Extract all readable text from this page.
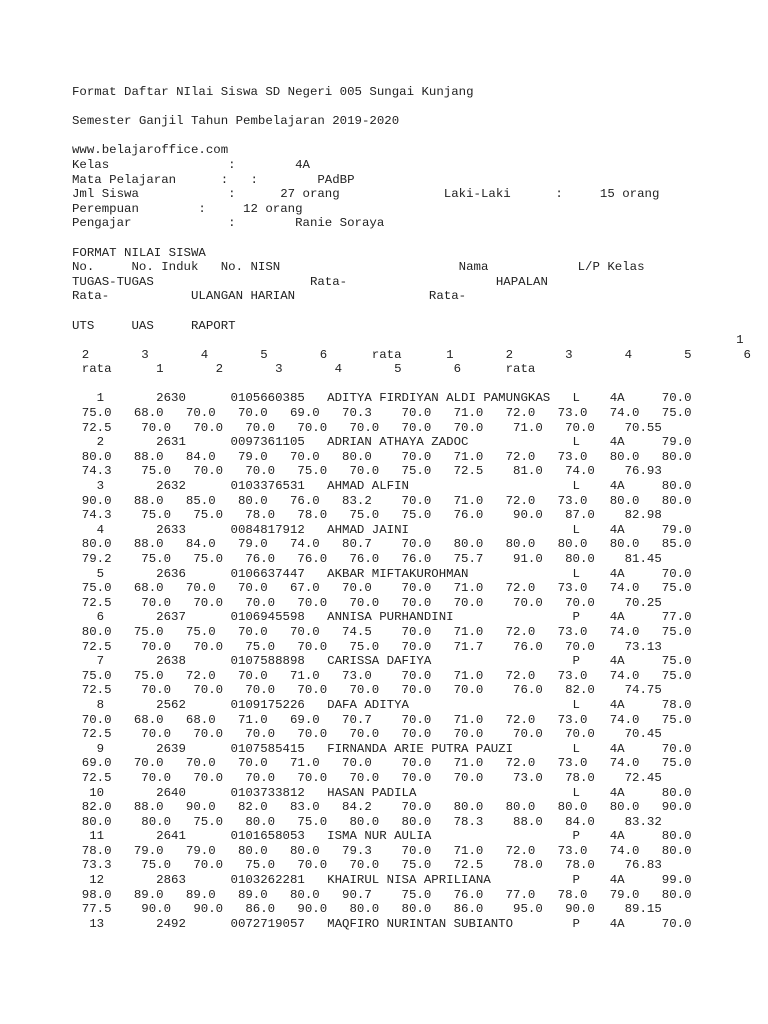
Format Daftar NIlai Siswa SD Negeri 005 Sungai Kunjang
Semester Ganjil Tahun Pembelajaran 2019-2020
www.belajaroffice.com
Kelas                :        4A
Mata Pelajaran      :   :        PAdBP
Jml Siswa            :      27 orang              Laki-Laki      :     15 orang
Perempuan        :     12 orang
Pengajar             :        Ranie Soraya
FORMAT NILAI SISWA
No.     No. Induk   No. NISN                        Nama            L/P Kelas
TUGAS-TUGAS                     Rata-                    HAPALAN
Rata-           ULANGAN HARIAN                  Rata-
UTS     UAS     RAPORT
1
2       3       4       5       6      rata      1       2       3       4       5       6
rata      1       2       3       4       5       6      rata
1       2630      0105660385   ADITYA FIRDIYAN ALDI PAMUNGKAS   L    4A     70.0
75.0   68.0   70.0   70.0   69.0   70.3    70.0   71.0   72.0   73.0   74.0   75.0
72.5    70.0   70.0   70.0   70.0   70.0   70.0   70.0    71.0   70.0    70.55
2       2631      0097361105   ADRIAN ATHAYA ZADOC              L    4A     79.0
80.0   88.0   84.0   79.0   70.0   80.0    70.0   71.0   72.0   73.0   80.0   80.0
74.3    75.0   70.0   70.0   75.0   70.0   75.0   72.5    81.0   74.0    76.93
3       2632      0103376531   AHMAD ALFIN                      L    4A     80.0
90.0   88.0   85.0   80.0   76.0   83.2    70.0   71.0   72.0   73.0   80.0   80.0
74.3    75.0   75.0   78.0   78.0   75.0   75.0   76.0    90.0   87.0    82.98
4       2633      0084817912   AHMAD JAINI                      L    4A     79.0
80.0   88.0   84.0   79.0   74.0   80.7    70.0   80.0   80.0   80.0   80.0   85.0
79.2    75.0   75.0   76.0   76.0   76.0   76.0   75.7    91.0   80.0    81.45
5       2636      0106637447   AKBAR MIFTAKUROHMAN              L    4A     70.0
75.0   68.0   70.0   70.0   67.0   70.0    70.0   71.0   72.0   73.0   74.0   75.0
72.5    70.0   70.0   70.0   70.0   70.0   70.0   70.0    70.0   70.0    70.25
6       2637      0106945598   ANNISA PURHANDINI                P    4A     77.0
80.0   75.0   75.0   70.0   70.0   74.5    70.0   71.0   72.0   73.0   74.0   75.0
72.5    70.0   70.0   75.0   70.0   75.0   70.0   71.7    76.0   70.0    73.13
7       2638      0107588898   CARISSA DAFIYA                   P    4A     75.0
75.0   75.0   72.0   70.0   71.0   73.0    70.0   71.0   72.0   73.0   74.0   75.0
72.5    70.0   70.0   70.0   70.0   70.0   70.0   70.0    76.0   82.0    74.75
8       2562      0109175226   DAFA ADITYA                      L    4A     78.0
70.0   68.0   68.0   71.0   69.0   70.7    70.0   71.0   72.0   73.0   74.0   75.0
72.5    70.0   70.0   70.0   70.0   70.0   70.0   70.0    70.0   70.0    70.45
9       2639      0107585415   FIRNANDA ARIE PUTRA PAUZI        L    4A     70.0
69.0   70.0   70.0   70.0   71.0   70.0    70.0   71.0   72.0   73.0   74.0   75.0
72.5    70.0   70.0   70.0   70.0   70.0   70.0   70.0    73.0   78.0    72.45
10       2640      0103733812   HASAN PADILA                     L    4A     80.0
82.0   88.0   90.0   82.0   83.0   84.2    70.0   80.0   80.0   80.0   80.0   90.0
80.0    80.0   75.0   80.0   75.0   80.0   80.0   78.3    88.0   84.0    83.32
11       2641      0101658053   ISMA NUR AULIA                   P    4A     80.0
78.0   79.0   79.0   80.0   80.0   79.3    70.0   71.0   72.0   73.0   74.0   80.0
73.3    75.0   70.0   75.0   70.0   70.0   75.0   72.5    78.0   78.0    76.83
12       2863      0103262281   KHAIRUL NISA APRILIANA           P    4A     99.0
98.0   89.0   89.0   89.0   80.0   90.7    75.0   76.0   77.0   78.0   79.0   80.0
77.5    90.0   90.0   86.0   90.0   80.0   80.0   86.0    95.0   90.0    89.15
13       2492      0072719057   MAQFIRO NURINTAN SUBIANTO        P    4A     70.0
